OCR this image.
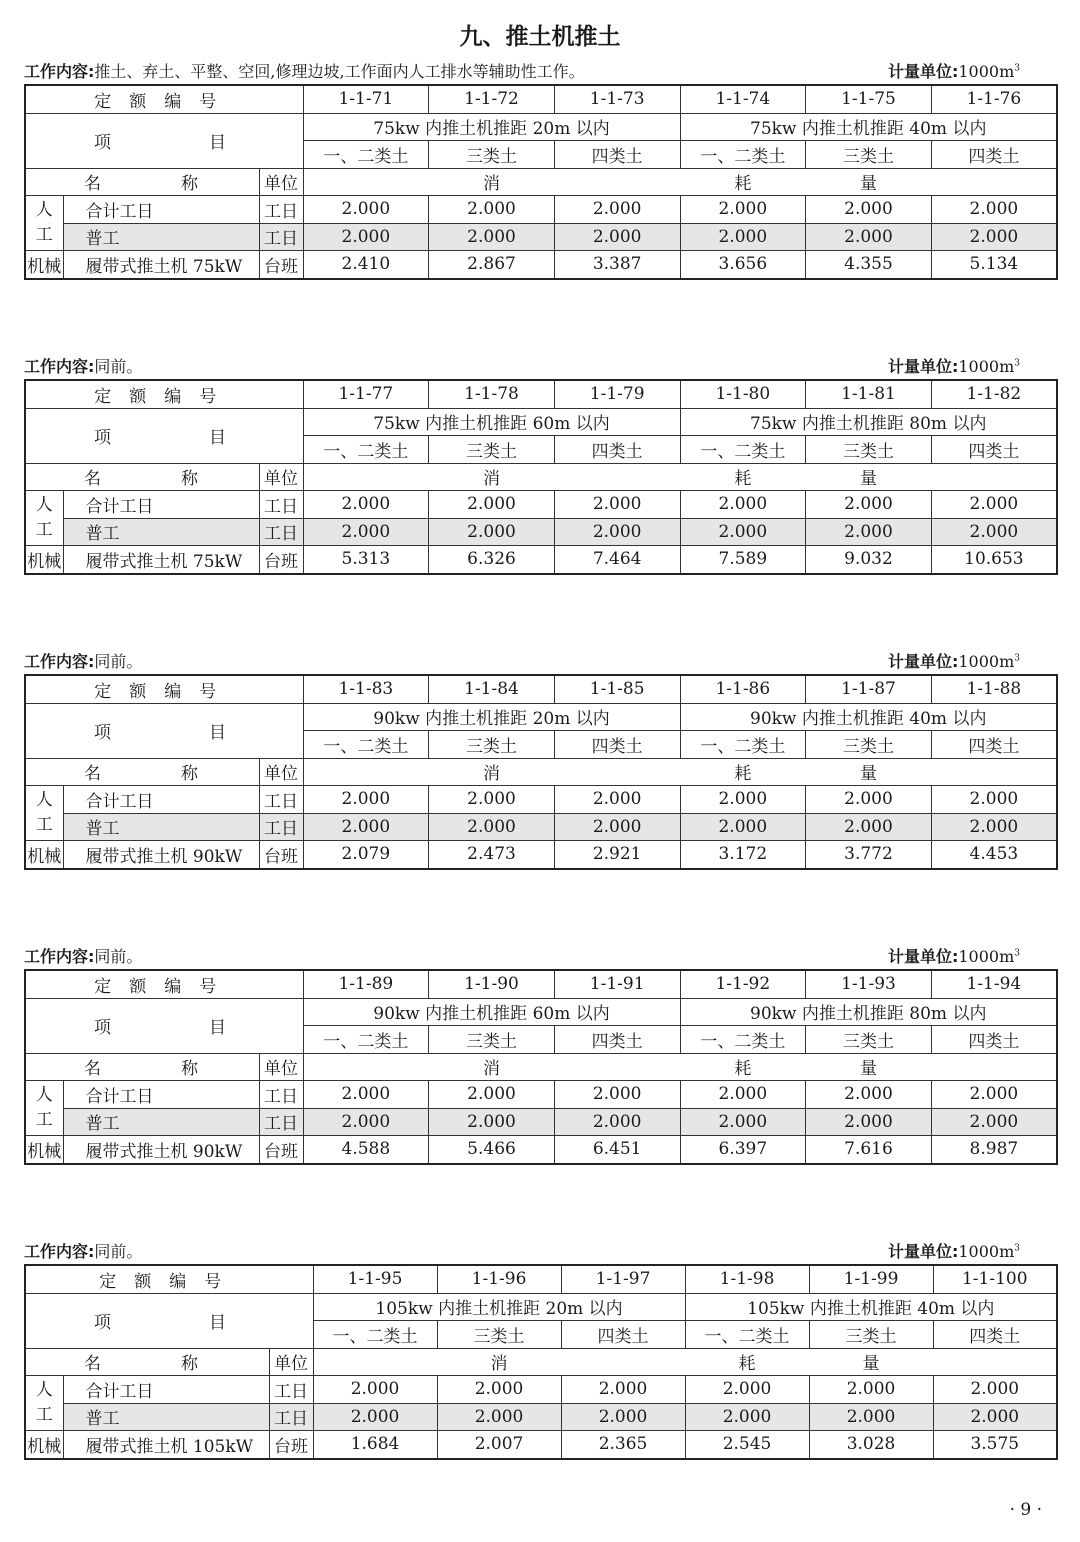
九、推土机推土
工作内容:推土、弃土、平整、空回,修理边坡,工作面内人工排水等辅助性工作。	计量单位$:1000m^3$
定额编号			1-1-71	1-1-72	1-1-73	1-1-74	1-1-75	1-1-76
项 目			75kw 内推土机推距 20m 以内			75kw 内推土机推距 40m 以内		
			一、二类土	三类土	四类土	一、二类土	三类土	四类土
名 称		单位		消		耗	量	

人
工	合计工日	工日	2.000	2.000	2.000	2.000	2.000	2.000
	普工	工日	2.000	2.000	2.000	2.000	2.000	2.000
机械	履带式推土机 75kW	台班	2.410	2.867	3.387	3.656	4.355	5.134
工作内容:同前。	计量单位$:1000m^3$
定额编号			1-1-77	1-1-78	1-1-79	1-1-80	1-1-81	1-1-82
项 目			75kw 内推土机推距 60m 以内			75kw 内推土机推距 80m 以内		
			一、二类土	三类土	四类土	一、二类土	三类土	四类土
名 称		单位		消		耗	量	

人
工	合计工日	工日	2.000	2.000	2.000	2.000	2.000	2.000
	普工	工日	2.000	2.000	2.000	2.000	2.000	2.000
机械	履带式推土机 75kW	台班	5.313	6.326	7.464	7.589	9.032	10.653
工作内容:同前。	计量单位$:1000m^3$
定额编号			1-1-83	1-1-84	1-1-85	1-1-86	1-1-87	1-1-88
项 目			90kw 内推土机推距 20m 以内			90kw 内推土机推距 40m 以内		
			一、二类土	三类土	四类土	一、二类土	三类土	四类土
名 称		单位		消		耗	量	

人
工	合计工日	工日	2.000	2.000	2.000	2.000	2.000	2.000
	普工	工日	2.000	2.000	2.000	2.000	2.000	2.000
机械	履带式推土机 90kW	台班	2.079	2.473	2.921	3.172	3.772	4.453
工作内容:同前。	计量单位$:1000m^3$
定额编号			1-1-89	1-1-90	1-1-91	1-1-92	1-1-93	1-1-94
项 目			90kw 内推土机推距 60m 以内			90kw 内推土机推距 80m 以内		
			一、二类土	三类土	四类土	一、二类土	三类土	四类土
名 称		单位		消		耗	量	

人
工	合计工日	工日	2.000	2.000	2.000	2.000	2.000	2.000
	普工	工日	2.000	2.000	2.000	2.000	2.000	2.000
机械	履带式推土机 90kW	台班	4.588	5.466	6.451	6.397	7.616	8.987
工作内容:同前。	计量单位$:1000m^3$
定额编号			1-1-95	1-1-96	1-1-97	1-1-98	1-1-99	1-1-100
项 目			105kw 内推土机推距 20m 以内			105kw 内推土机推距 40m 以内		
			一、二类土	三类土	四类土	一、二类土	三类土	四类土
名 称		单位		消		耗	量	

人
工	合计工日	工日	2.000	2.000	2.000	2.000	2.000	2.000
	普工	工日	2.000	2.000	2.000	2.000	2.000	2.000
机械	履带式推土机 105kW	台班	1.684	2.007	2.365	2.545	3.028	3.575
· 9 ·
